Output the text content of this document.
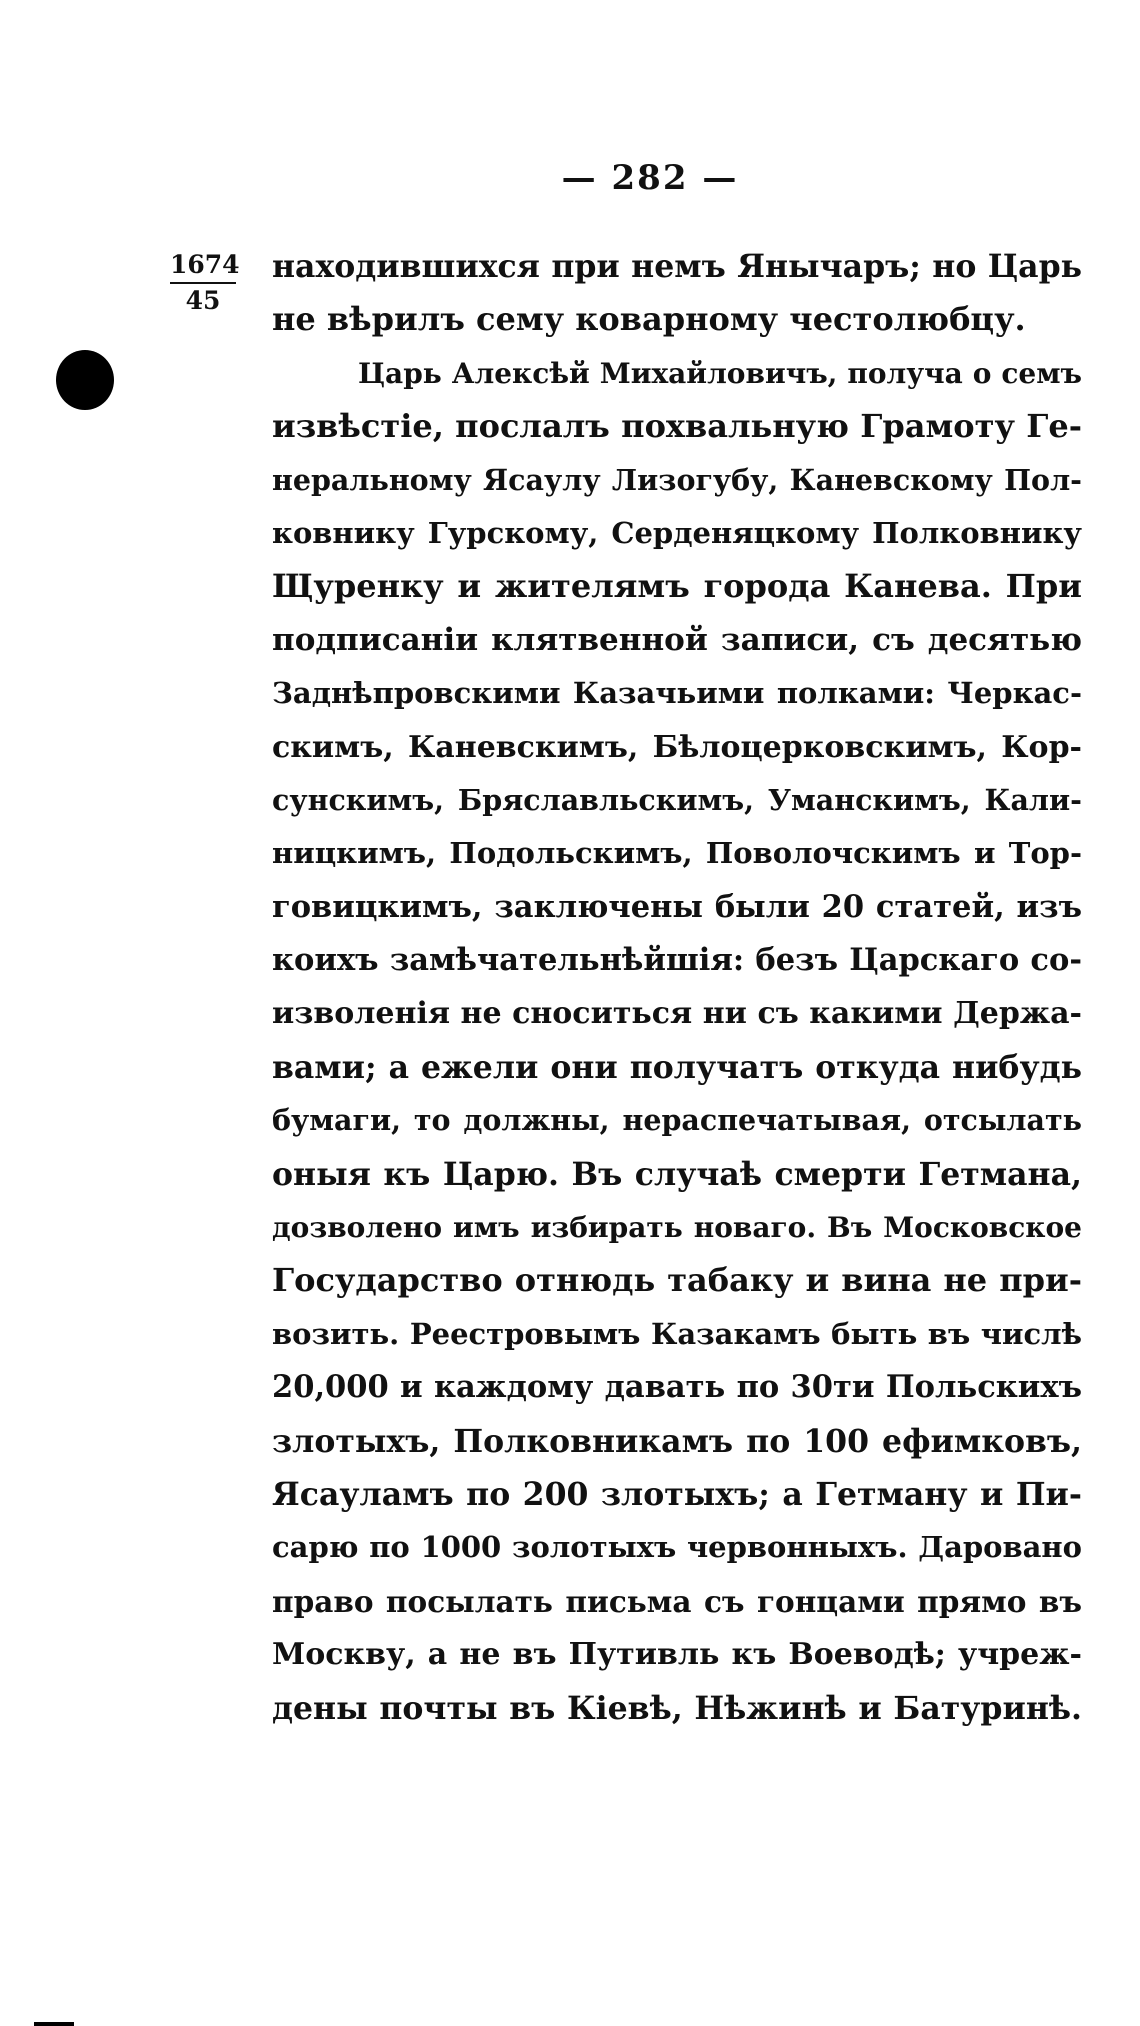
— 282 —
1674
45
находившихся при немъ Янычаръ; но Царь
не вѣрилъ сему коварному честолюбцу.
Царь Алексѣй Михайловичъ, получа о семъ
извѣстіе, послалъ похвальную Грамоту Ге-
неральному Ясаулу Лизогубу, Каневскому Пол-
ковнику Гурскому, Серденяцкому Полковнику
Щуренку и жителямъ города Канева. При
подписаніи клятвенной записи, съ десятью
Заднѣпровскими Казачьими полками: Черкас-
скимъ, Каневскимъ, Бѣлоцерковскимъ, Кор-
сунскимъ, Бряславльскимъ, Уманскимъ, Кали-
ницкимъ, Подольскимъ, Поволочскимъ и Тор-
говицкимъ, заключены были 20 статей, изъ
коихъ замѣчательнѣйшія: безъ Царскаго со-
изволенія не сноситься ни съ какими Держа-
вами; а ежели они получатъ откуда нибудь
бумаги, то должны, нераспечатывая, отсылать
оныя къ Царю. Въ случаѣ смерти Гетмана,
дозволено имъ избирать новаго. Въ Московское
Государство отнюдь табаку и вина не при-
возить. Реестровымъ Казакамъ быть въ числѣ
20,000 и каждому давать по 30ти Польскихъ
злотыхъ, Полковникамъ по 100 ефимковъ,
Ясауламъ по 200 злотыхъ; а Гетману и Пи-
сарю по 1000 золотыхъ червонныхъ. Даровано
право посылать письма съ гонцами прямо въ
Москву, а не въ Путивль къ Воеводѣ; учреж-
дены почты въ Кіевѣ, Нѣжинѣ и Батуринѣ.
